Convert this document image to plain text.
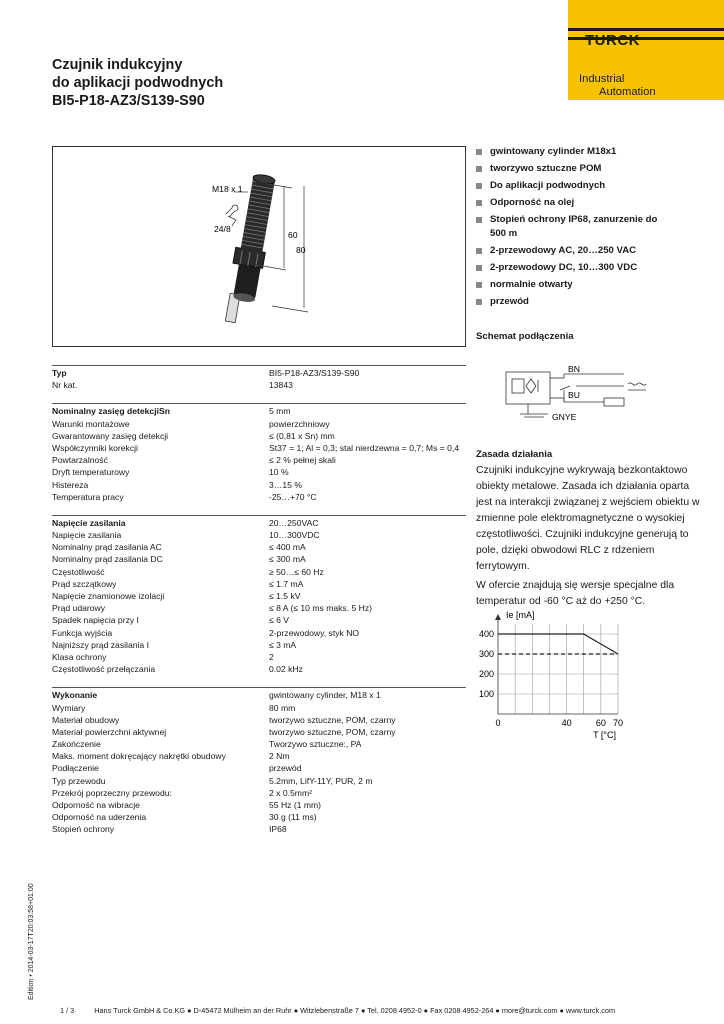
Czujnik indukcyjny
do aplikacji podwodnych
BI5-P18-AZ3/S139-S90
TURCK
Industrial
Automation
M18 x 1
24/8
60
80
gwintowany cylinder M18x1
tworzywo sztuczne POM
Do aplikacji podwodnych
Odporność na olej
Stopień ochrony IP68, zanurzenie do 500 m
2-przewodowy AC, 20…250 VAC
2-przewodowy DC, 10…300 VDC
normalnie otwarty
przewód
Schemat podłączenia
BN
BU
GNYE
Typ	BI5-P18-AZ3/S139-S90
Nr kat.	13843
Nominalny zasięg detekcjiSn	5 mm
Warunki montażowe	powierzchniowy
Gwarantowany zasięg detekcji	≤ (0,81 x Sn) mm
Współczynniki korekcji	St37 = 1; Al = 0,3; stal nierdzewna = 0,7; Ms = 0,4
Powtarzalność	≤ 2 % pełnej skali
Dryft temperaturowy	10 %
Histereza	3…15 %
Temperatura pracy	-25…+70 °C
Napięcie zasilania	20…250VAC
Napięcie zasilania	10…300VDC
Nominalny prąd zasilania AC	≤ 400 mA
Nominalny prąd zasilania DC	≤ 300 mA
Częstotliwość	≥ 50…≤ 60 Hz
Prąd szczątkowy	≤ 1.7 mA
Napięcie znamionowe izolacji	≤ 1.5 kV
Prąd udarowy	≤ 8 A (≤ 10 ms maks. 5 Hz)
Spadek napięcia przy I	≤ 6 V
Funkcja wyjścia	2-przewodowy, styk NO
Najniższy prąd zasilania I	≤ 3 mA
Klasa ochrony	2
Częstotliwość przełączania	0.02 kHz
Wykonanie	gwintowany cylinder, M18 x 1
Wymiary	80 mm
Materiał obudowy	tworzywo sztuczne, POM, czarny
Materiał powierzchni aktywnej	tworzywo sztuczne, POM, czarny
Zakończenie	Tworzywo sztuczne:, PA
Maks. moment dokręcający nakrętki obudowy	2 Nm
Podłączenie	przewód
Typ przewodu	5.2mm, LifY-11Y, PUR, 2 m
Przekrój poprzeczny przewodu:	2 x 0.5mm²
Odporność na wibracje	55 Hz (1 mm)
Odporność na uderzenia	30 g (11 ms)
Stopień ochrony	IP68
Zasada działania

Czujniki indukcyjne wykrywają bezkontaktowo obiekty metalowe. Zasada ich działania oparta jest na interakcji związanej z wejściem obiektu w zmienne pole elektromagnetyczne o wysokiej częstotliwości. Czujniki indukcyjne generują to pole, dzięki obwodowi RLC z rdzeniem ferrytowym.

W ofercie znajdują się wersje specjalne dla temperatur od -60 °C aż do +250 °C.

400
300
200
100
0	40	60 70
Ie [mA]
T [°C]
Edition • 2014-03-17T20:03:58+01:00
1 / 3	Hans Turck GmbH & Co.KG ● D-45472 Mülheim an der Ruhr ● Witzlebenstraße 7 ● Tel. 0208 4952-0 ● Fax 0208 4952-264 ● more@turck.com ● www.turck.com
